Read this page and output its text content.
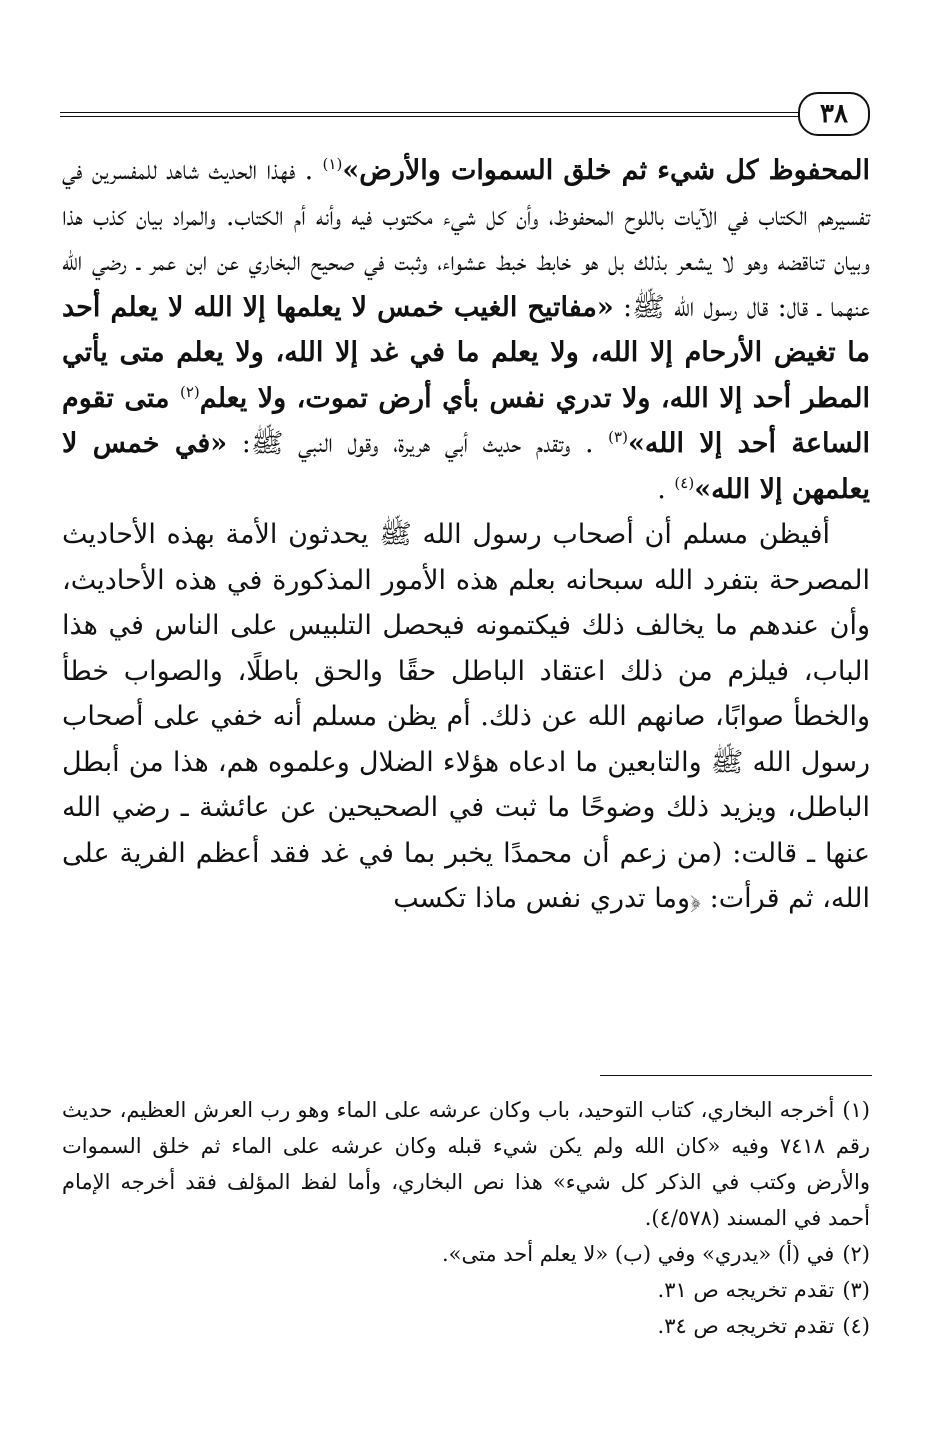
٣٨

المحفوظ كل شيء ثم خلق السموات والأرض»$^{(١)}$ . فهذا الحديث شاهد للمفسرين في تفسيرهم الكتاب في الآيات باللوح المحفوظ، وأن كل شيء مكتوب فيه وأنه أم الكتاب. والمراد بيان كذب هذا وبيان تناقضه وهو لا يشعر بذلك بل هو خابط خبط عشواء، وثبت في صحيح البخاري عن ابن عمر ـ رضي الله عنهما ـ قال: قال رسول الله ﷺ: «مفاتيح الغيب خمس لا يعلمها إلا الله لا يعلم أحد ما تغيض الأرحام إلا الله، ولا يعلم ما في غد إلا الله، ولا يعلم متى يأتي المطر أحد إلا الله، ولا تدري نفس بأي أرض تموت، ولا يعلم$^{(٢)}$ متى تقوم الساعة أحد إلا الله»$^{(٣)}$ . وتقدم حديث أبي هريرة، وقول النبي ﷺ: «في خمس لا يعلمهن إلا الله»$^{(٤)}$ .

أفيظن مسلم أن أصحاب رسول الله ﷺ يحدثون الأمة بهذه الأحاديث المصرحة بتفرد الله سبحانه بعلم هذه الأمور المذكورة في هذه الأحاديث، وأن عندهم ما يخالف ذلك فيكتمونه فيحصل التلبيس على الناس في هذا الباب، فيلزم من ذلك اعتقاد الباطل حقًا والحق باطلًا، والصواب خطأ والخطأ صوابًا، صانهم الله عن ذلك. أم يظن مسلم أنه خفي على أصحاب رسول الله ﷺ والتابعين ما ادعاه هؤلاء الضلال وعلموه هم، هذا من أبطل الباطل، ويزيد ذلك وضوحًا ما ثبت في الصحيحين عن عائشة ـ رضي الله عنها ـ قالت: (من زعم أن محمدًا يخبر بما في غد فقد أعظم الفرية على الله، ثم قرأت: ﴿وما تدري نفس ماذا تكسب

(١)أخرجه البخاري، كتاب التوحيد، باب وكان عرشه على الماء وهو رب العرش العظيم، حديث رقم ٧٤١٨ وفيه «كان الله ولم يكن شيء قبله وكان عرشه على الماء ثم خلق السموات والأرض وكتب في الذكر كل شيء» هذا نص البخاري، وأما لفظ المؤلف فقد أخرجه الإمام أحمد في المسند (٤/٥٧٨).

(٢)في (أ) «يدري» وفي (ب) «لا يعلم أحد متى».

(٣)تقدم تخريجه ص ٣١.

(٤)تقدم تخريجه ص ٣٤.
